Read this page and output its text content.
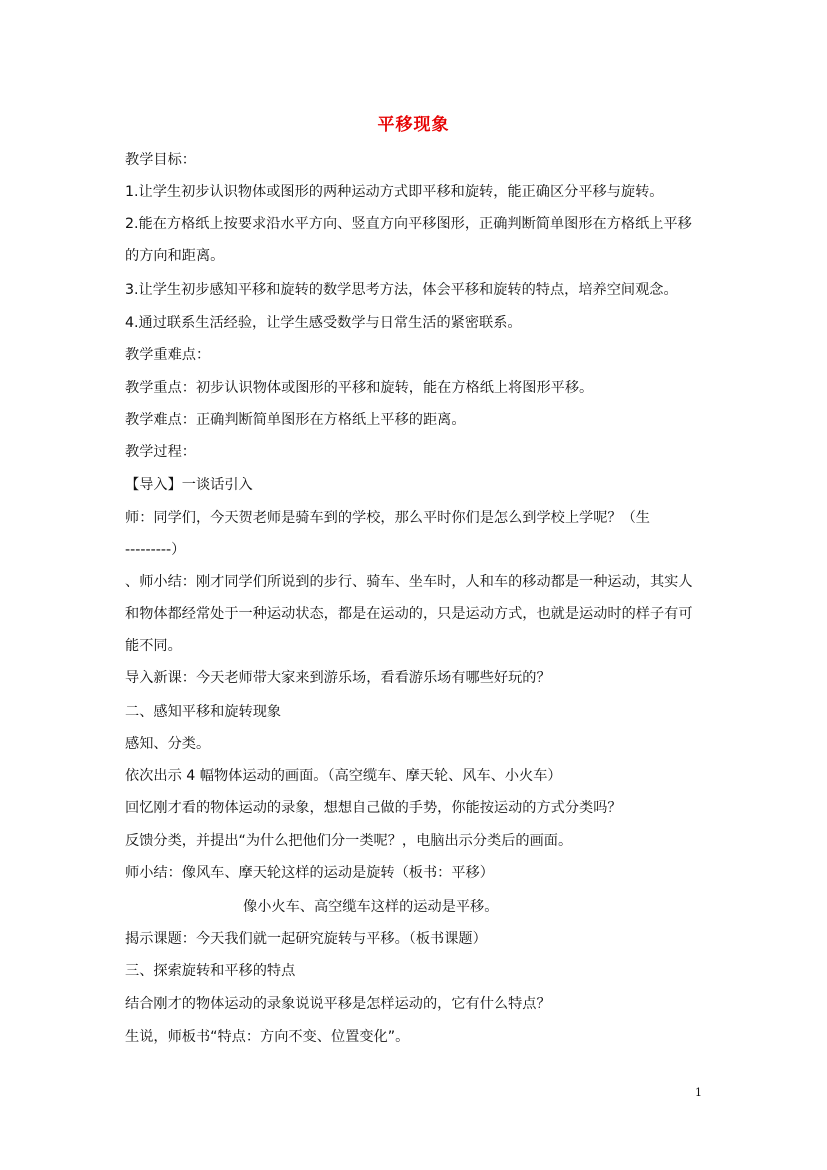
平移现象
教学目标：
1.让学生初步认识物体或图形的两种运动方式即平移和旋转，能正确区分平移与旋转。
2.能在方格纸上按要求沿水平方向、竖直方向平移图形，正确判断简单图形在方格纸上平移
的方向和距离。
3.让学生初步感知平移和旋转的数学思考方法，体会平移和旋转的特点，培养空间观念。
4.通过联系生活经验，让学生感受数学与日常生活的紧密联系。
教学重难点：
教学重点：初步认识物体或图形的平移和旋转，能在方格纸上将图形平移。
教学难点：正确判断简单图形在方格纸上平移的距离。
教学过程：
【导入】一谈话引入
师：同学们，今天贺老师是骑车到的学校，那么平时你们是怎么到学校上学呢？（生
---------）
、师小结：刚才同学们所说到的步行、骑车、坐车时，人和车的移动都是一种运动，其实人
和物体都经常处于一种运动状态，都是在运动的，只是运动方式，也就是运动时的样子有可
能不同。
导入新课：今天老师带大家来到游乐场，看看游乐场有哪些好玩的？
二、感知平移和旋转现象
感知、分类。
依次出示 4 幅物体运动的画面。（高空缆车、摩天轮、风车、小火车）
回忆刚才看的物体运动的录象，想想自己做的手势，你能按运动的方式分类吗？
反馈分类，并提出“为什么把他们分一类呢？，电脑出示分类后的画面。
师小结：像风车、摩天轮这样的运动是旋转（板书：平移）
像小火车、高空缆车这样的运动是平移。
揭示课题：今天我们就一起研究旋转与平移。（板书课题）
三、探索旋转和平移的特点
结合刚才的物体运动的录象说说平移是怎样运动的，它有什么特点？
生说，师板书“特点：方向不变、位置变化”。
1
